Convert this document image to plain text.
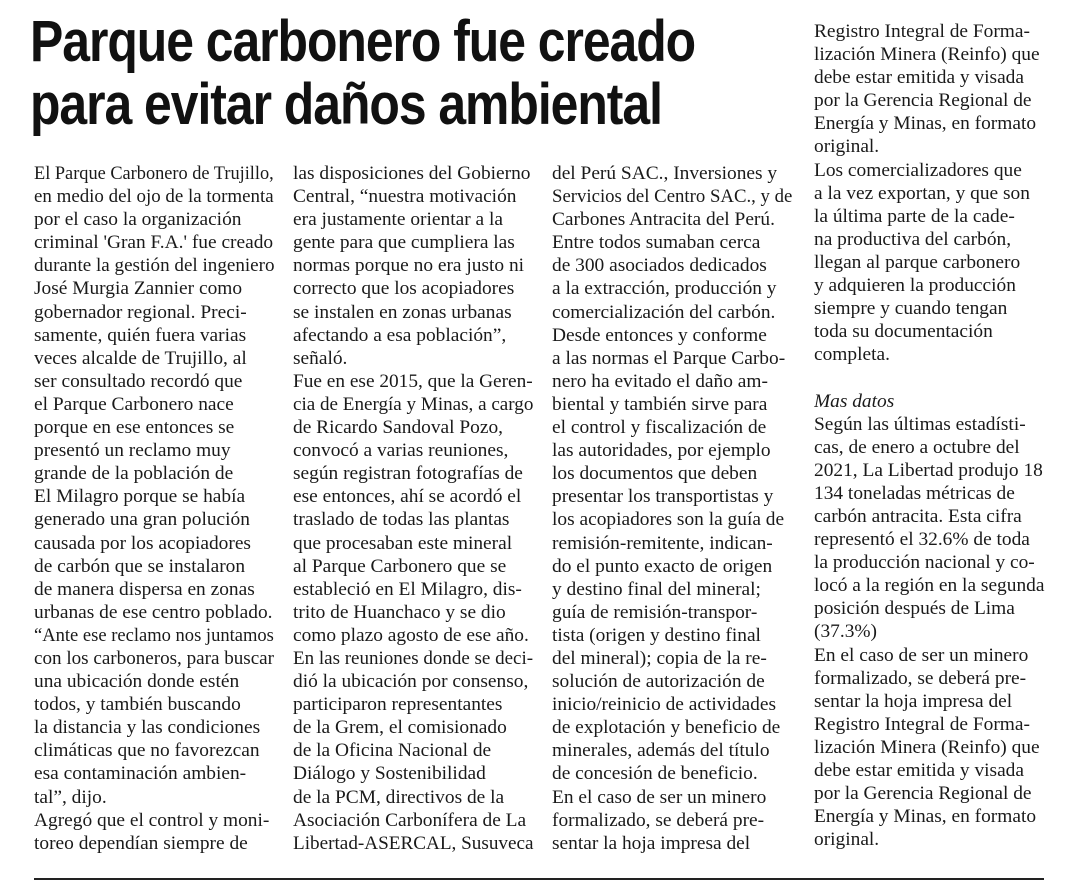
Parque carbonero fue creado
para evitar daños ambiental
El Parque Carbonero de Trujillo,
en medio del ojo de la tormenta
por el caso la organización
criminal 'Gran F.A.' fue creado
durante la gestión del ingeniero
José Murgia Zannier como
gobernador regional. Preci-
samente, quién fuera varias
veces alcalde de Trujillo, al
ser consultado recordó que
el Parque Carbonero nace
porque en ese entonces se
presentó un reclamo muy
grande de la población de
El Milagro porque se había
generado una gran polución
causada por los acopiadores
de carbón que se instalaron
de manera dispersa en zonas
urbanas de ese centro poblado.
“Ante ese reclamo nos juntamos
con los carboneros, para buscar
una ubicación donde estén
todos, y también buscando
la distancia y las condiciones
climáticas que no favorezcan
esa contaminación ambien-
tal”, dijo.
Agregó que el control y moni-
toreo dependían siempre de
las disposiciones del Gobierno
Central, “nuestra motivación
era justamente orientar a la
gente para que cumpliera las
normas porque no era justo ni
correcto que los acopiadores
se instalen en zonas urbanas
afectando a esa población”,
señaló.
Fue en ese 2015, que la Geren-
cia de Energía y Minas, a cargo
de Ricardo Sandoval Pozo,
convocó a varias reuniones,
según registran fotografías de
ese entonces, ahí se acordó el
traslado de todas las plantas
que procesaban este mineral
al Parque Carbonero que se
estableció en El Milagro, dis-
trito de Huanchaco y se dio
como plazo agosto de ese año.
En las reuniones donde se deci-
dió la ubicación por consenso,
participaron representantes
de la Grem, el comisionado
de la Oficina Nacional de
Diálogo y Sostenibilidad
de la PCM, directivos de la
Asociación Carbonífera de La
Libertad-ASERCAL, Susuveca
del Perú SAC., Inversiones y
Servicios del Centro SAC., y de
Carbones Antracita del Perú.
Entre todos sumaban cerca
de 300 asociados dedicados
a la extracción, producción y
comercialización del carbón.
Desde entonces y conforme
a las normas el Parque Carbo-
nero ha evitado el daño am-
biental y también sirve para
el control y fiscalización de
las autoridades, por ejemplo
los documentos que deben
presentar los transportistas y
los acopiadores son la guía de
remisión-remitente, indican-
do el punto exacto de origen
y destino final del mineral;
guía de remisión-transpor-
tista (origen y destino final
del mineral); copia de la re-
solución de autorización de
inicio/reinicio de actividades
de explotación y beneficio de
minerales, además del título
de concesión de beneficio.
En el caso de ser un minero
formalizado, se deberá pre-
sentar la hoja impresa del
Registro Integral de Forma-
lización Minera (Reinfo) que
debe estar emitida y visada
por la Gerencia Regional de
Energía y Minas, en formato
original.
Los comercializadores que
a la vez exportan, y que son
la última parte de la cade-
na productiva del carbón,
llegan al parque carbonero
y adquieren la producción
siempre y cuando tengan
toda su documentación
completa.
Mas datos
Según las últimas estadísti-
cas, de enero a octubre del
2021, La Libertad produjo 18
134 toneladas métricas de
carbón antracita. Esta cifra
representó el 32.6% de toda
la producción nacional y co-
locó a la región en la segunda
posición después de Lima
(37.3%)
En el caso de ser un minero
formalizado, se deberá pre-
sentar la hoja impresa del
Registro Integral de Forma-
lización Minera (Reinfo) que
debe estar emitida y visada
por la Gerencia Regional de
Energía y Minas, en formato
original.
